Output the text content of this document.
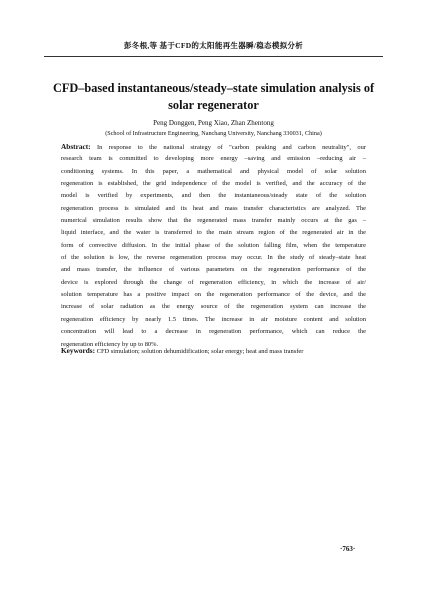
彭冬根,等 基于CFD的太阳能再生器瞬/稳态模拟分析
CFD–based instantaneous/steady–state simulation analysis of
solar regenerator
Peng Donggen, Peng Xiao, Zhan Zhentong
(School of Infrastructure Engineering, Nanchang University, Nanchang 330031, China)
Abstract: In response to the national strategy of "carbon peaking and carbon neutrality", our
research team is committed to developing more energy –saving and emission –reducing air –
conditioning systems. In this paper, a mathematical and physical model of solar solution
regeneration is established, the grid independence of the model is verified, and the accuracy of the
model is verified by experiments, and then the instantaneous/steady state of the solution
regeneration process is simulated and its heat and mass transfer characteristics are analyzed. The
numerical simulation results show that the regenerated mass transfer mainly occurs at the gas –
liquid interface, and the water is transferred to the main stream region of the regenerated air in the
form of convective diffusion. In the initial phase of the solution falling film, when the temperature
of the solution is low, the reverse regeneration process may occur. In the study of steady–state heat
and mass transfer, the influence of various parameters on the regeneration performance of the
device is explored through the change of regeneration efficiency, in which the increase of air/
solution temperature has a positive impact on the regeneration performance of the device, and the
increase of solar radiation as the energy source of the regeneration system can increase the
regeneration efficiency by nearly 1.5 times. The increase in air moisture content and solution
concentration will lead to a decrease in regeneration performance, which can reduce the
regeneration efficiency by up to 80%.
Keywords: CFD simulation; solution dehumidification; solar energy; heat and mass transfer
·763·
